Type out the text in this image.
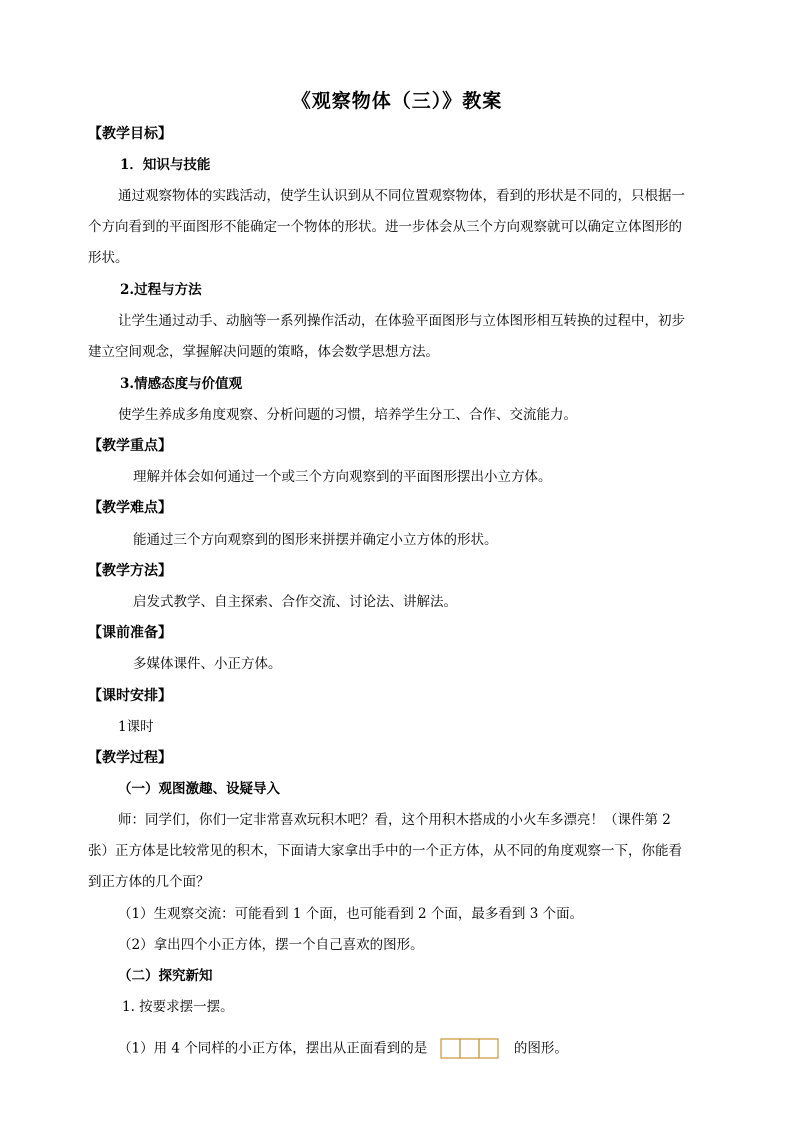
《观察物体（三）》教案
【教学目标】
1．知识与技能
通过观察物体的实践活动，使学生认识到从不同位置观察物体，看到的形状是不同的，只根据一
个方向看到的平面图形不能确定一个物体的形状。进一步体会从三个方向观察就可以确定立体图形的
形状。
2.过程与方法
让学生通过动手、动脑等一系列操作活动，在体验平面图形与立体图形相互转换的过程中，初步
建立空间观念，掌握解决问题的策略，体会数学思想方法。
3.情感态度与价值观
使学生养成多角度观察、分析问题的习惯，培养学生分工、合作、交流能力。
【教学重点】
理解并体会如何通过一个或三个方向观察到的平面图形摆出小立方体。
【教学难点】
能通过三个方向观察到的图形来拼摆并确定小立方体的形状。
【教学方法】
启发式教学、自主探索、合作交流、讨论法、讲解法。
【课前准备】
多媒体课件、小正方体。
【课时安排】
1课时
【教学过程】
（一）观图激趣、设疑导入
师：同学们，你们一定非常喜欢玩积木吧？看，这个用积木搭成的小火车多漂亮！（课件第 2
张）正方体是比较常见的积木，下面请大家拿出手中的一个正方体，从不同的角度观察一下，你能看
到正方体的几个面？
（1）生观察交流：可能看到 1 个面，也可能看到 2 个面，最多看到 3 个面。
（2）拿出四个小正方体，摆一个自己喜欢的图形。
（二）探究新知
1. 按要求摆一摆。
（1）用 4 个同样的小正方体，摆出从正面看到的是	的图形。
